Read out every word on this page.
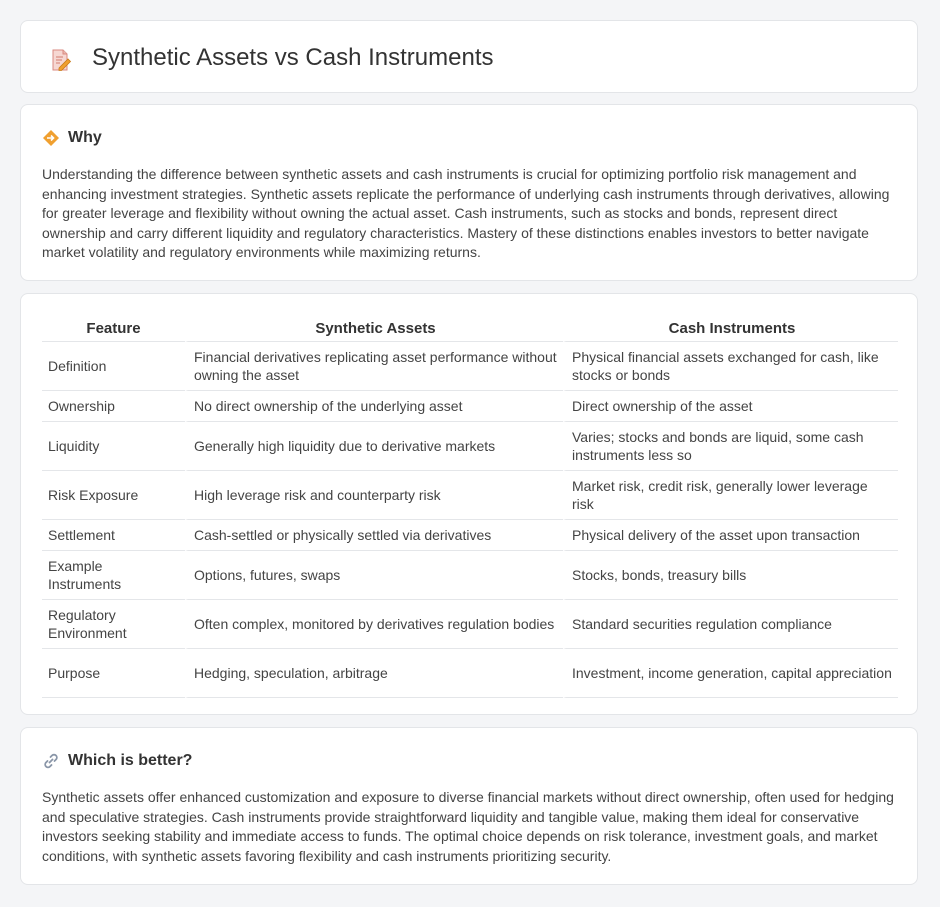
Synthetic Assets vs Cash Instruments
Why

Understanding the difference between synthetic assets and cash instruments is crucial for optimizing portfolio risk management and enhancing investment strategies. Synthetic assets replicate the performance of underlying cash instruments through derivatives, allowing for greater leverage and flexibility without owning the actual asset. Cash instruments, such as stocks and bonds, represent direct ownership and carry different liquidity and regulatory characteristics. Mastery of these distinctions enables investors to better navigate market volatility and regulatory environments while maximizing returns.

Feature	Synthetic Assets	Cash Instruments
Definition	Financial derivatives replicating asset performance without owning the asset	Physical financial assets exchanged for cash, like stocks or bonds
Ownership	No direct ownership of the underlying asset	Direct ownership of the asset
Liquidity	Generally high liquidity due to derivative markets	Varies; stocks and bonds are liquid, some cash instruments less so
Risk Exposure	High leverage risk and counterparty risk	Market risk, credit risk, generally lower leverage risk
Settlement	Cash-settled or physically settled via derivatives	Physical delivery of the asset upon transaction
Example Instruments	Options, futures, swaps	Stocks, bonds, treasury bills
Regulatory Environment	Often complex, monitored by derivatives regulation bodies	Standard securities regulation compliance
Purpose	Hedging, speculation, arbitrage	Investment, income generation, capital appreciation
Which is better?

Synthetic assets offer enhanced customization and exposure to diverse financial markets without direct ownership, often used for hedging and speculative strategies. Cash instruments provide straightforward liquidity and tangible value, making them ideal for conservative investors seeking stability and immediate access to funds. The optimal choice depends on risk tolerance, investment goals, and market conditions, with synthetic assets favoring flexibility and cash instruments prioritizing security.
